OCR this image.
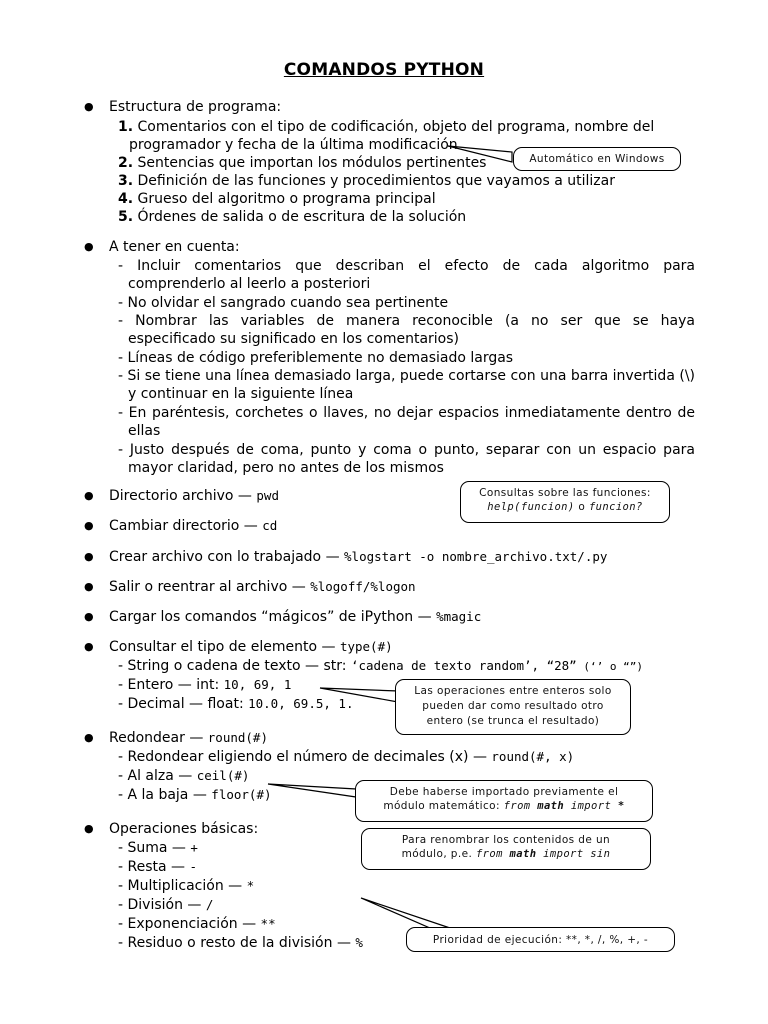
COMANDOS PYTHON
● Estructura de programa:
1. Comentarios con el tipo de codificación, objeto del programa, nombre del
programador y fecha de la última modificación
2. Sentencias que importan los módulos pertinentes
3. Definición de las funciones y procedimientos que vayamos a utilizar
4. Grueso del algoritmo o programa principal
5. Órdenes de salida o de escritura de la solución
● A tener en cuenta:
- Incluir comentarios que describan el efecto de cada algoritmo para comprenderlo al leerlo a posteriori
- No olvidar el sangrado cuando sea pertinente
- Nombrar las variables de manera reconocible (a no ser que se haya especificado su significado en los comentarios)
- Líneas de código preferiblemente no demasiado largas
- Si se tiene una línea demasiado larga, puede cortarse con una barra invertida (\) y continuar en la siguiente línea
- En paréntesis, corchetes o llaves, no dejar espacios inmediatamente dentro de ellas
- Justo después de coma, punto y coma o punto, separar con un espacio para mayor claridad, pero no antes de los mismos
● Directorio archivo — pwd
● Cambiar directorio — cd
● Crear archivo con lo trabajado — %logstart -o nombre_archivo.txt/.py
● Salir o reentrar al archivo — %logoff/%logon
● Cargar los comandos “mágicos” de iPython — %magic
● Consultar el tipo de elemento — type(#)
- String o cadena de texto — str: ‘cadena de texto random’, “28” (‘’ o “”)
- Entero — int: 10, 69, 1
- Decimal — float: 10.0, 69.5, 1.
● Redondear — round(#)
- Redondear eligiendo el número de decimales (x) — round(#, x)
- Al alza — ceil(#)
- A la baja — floor(#)
● Operaciones básicas:
- Suma — +
- Resta — -
- Multiplicación — *
- División — /
- Exponenciación — **
- Residuo o resto de la división — %
Automático en Windows
Consultas sobre las funciones:
help(funcion) o funcion?
Las operaciones entre enteros solo pueden dar como resultado otro entero (se trunca el resultado)
Debe haberse importado previamente el
módulo matemático: from math import *
Para renombrar los contenidos de un
módulo, p.e. from math import sin
Prioridad de ejecución: **, *, /, %, +, -
